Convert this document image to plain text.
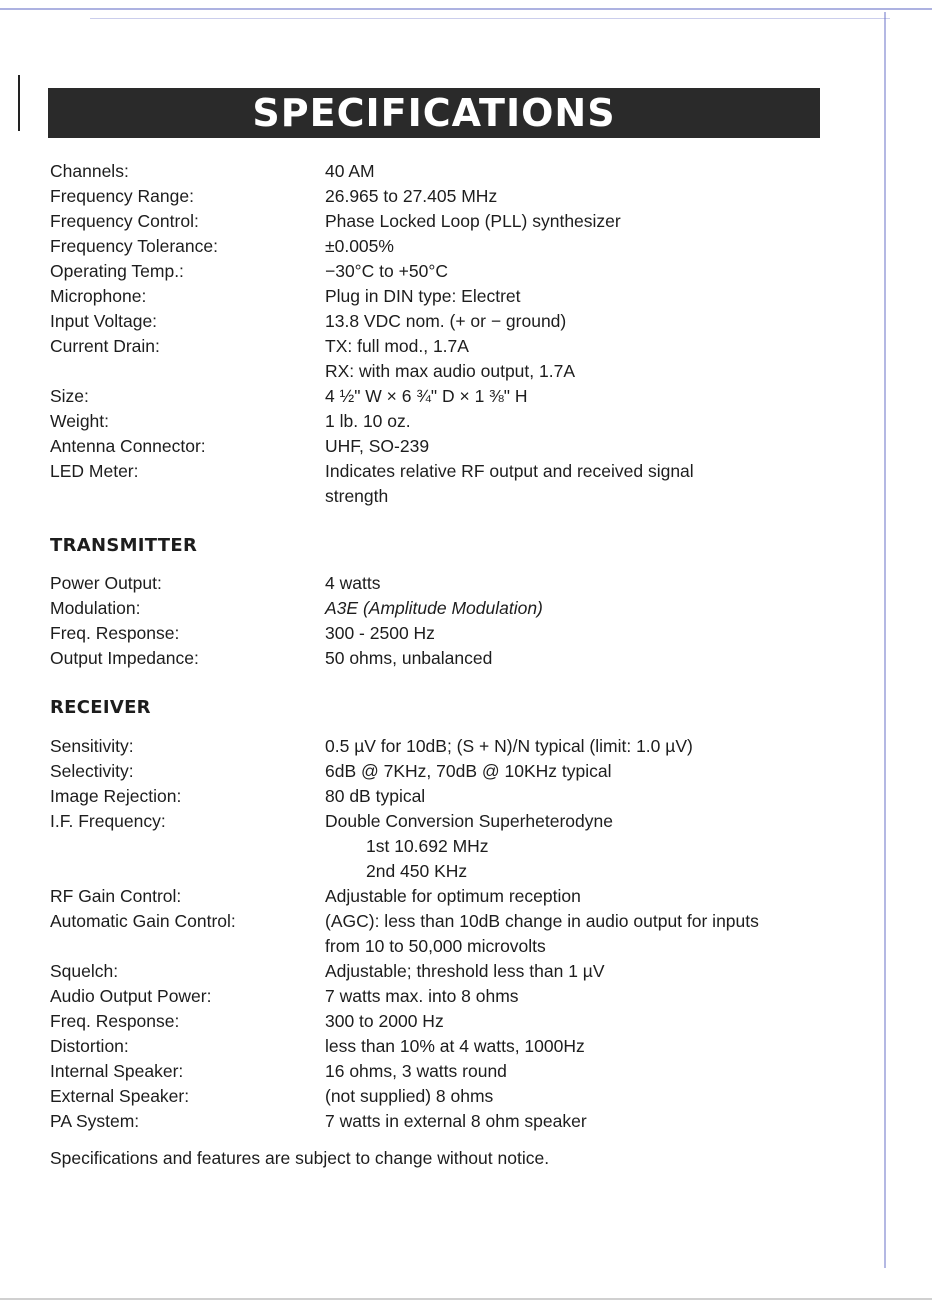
SPECIFICATIONS
Channels:	40 AM
Frequency Range:	26.965 to 27.405 MHz
Frequency Control:	Phase Locked Loop (PLL) synthesizer
Frequency Tolerance:	±0.005%
Operating Temp.:	−30°C to +50°C
Microphone:	Plug in DIN type: Electret
Input Voltage:	13.8 VDC nom. (+ or − ground)
Current Drain:	TX: full mod., 1.7A
RX: with max audio output, 1.7A
Size:	4 ½" W × 6 ¾" D × 1 ⅜" H
Weight:	1 lb. 10 oz.
Antenna Connector:	UHF, SO-239
LED Meter:	Indicates relative RF output and received signal
strength
TRANSMITTER
Power Output:	4 watts
Modulation:	A3E (Amplitude Modulation)
Freq. Response:	300 - 2500 Hz
Output Impedance:	50 ohms, unbalanced
RECEIVER
Sensitivity:	0.5 µV for 10dB; (S + N)/N typical (limit: 1.0 µV)
Selectivity:	6dB @ 7KHz, 70dB @ 10KHz typical
Image Rejection:	80 dB typical
I.F. Frequency:	Double Conversion Superheterodyne
1st 10.692 MHz
2nd 450 KHz
RF Gain Control:	Adjustable for optimum reception
Automatic Gain Control:	(AGC): less than 10dB change in audio output for inputs
from 10 to 50,000 microvolts
Squelch:	Adjustable; threshold less than 1 µV
Audio Output Power:	7 watts max. into 8 ohms
Freq. Response:	300 to 2000 Hz
Distortion:	less than 10% at 4 watts, 1000Hz
Internal Speaker:	16 ohms, 3 watts round
External Speaker:	(not supplied) 8 ohms
PA System:	7 watts in external 8 ohm speaker
Specifications and features are subject to change without notice.
